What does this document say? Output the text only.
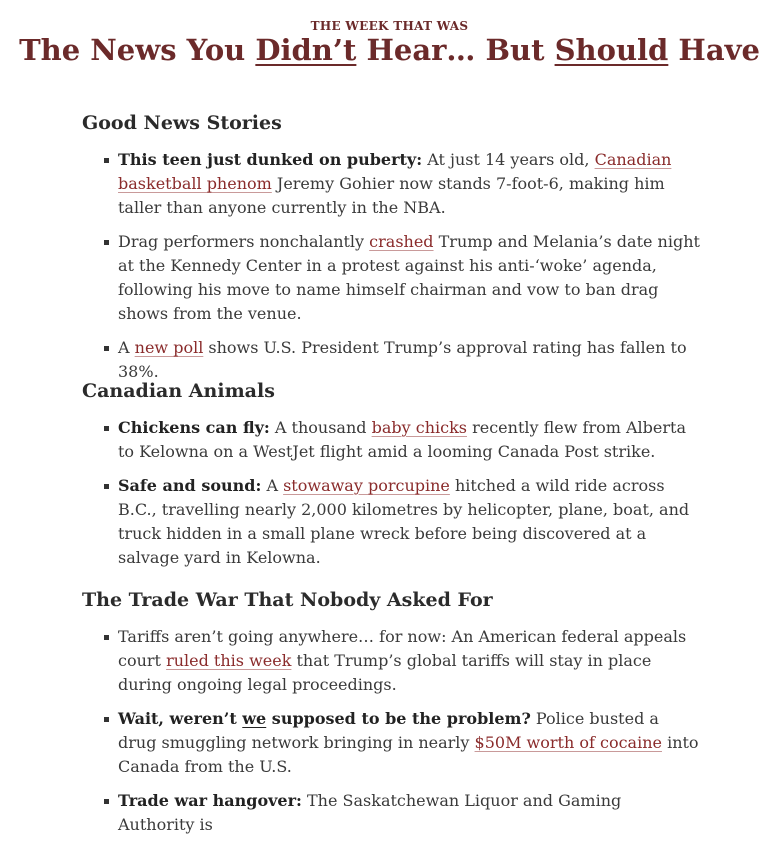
THE WEEK THAT WAS
The News You Didn’t Hear… But Should Have
Good News Stories
This teen just dunked on puberty: At just 14 years old, Canadian basketball phenom Jeremy Gohier now stands 7-foot-6, making him taller than anyone currently in the NBA.
Drag performers nonchalantly crashed Trump and Melania’s date night at the Kennedy Center in a protest against his anti-‘woke’ agenda, following his move to name himself chairman and vow to ban drag shows from the venue.
A new poll shows U.S. President Trump’s approval rating has fallen to 38%.
Canadian Animals
Chickens can fly: A thousand baby chicks recently flew from Alberta to Kelowna on a WestJet flight amid a looming Canada Post strike.
Safe and sound: A stowaway porcupine hitched a wild ride across B.C., travelling nearly 2,000 kilometres by helicopter, plane, boat, and truck hidden in a small plane wreck before being discovered at a salvage yard in Kelowna.
The Trade War That Nobody Asked For
Tariffs aren’t going anywhere… for now: An American federal appeals court ruled this week that Trump’s global tariffs will stay in place during ongoing legal proceedings.
Wait, weren’t we supposed to be the problem? Police busted a drug smuggling network bringing in nearly $50M worth of cocaine into Canada from the U.S.
Trade war hangover: The Saskatchewan Liquor and Gaming Authority is
